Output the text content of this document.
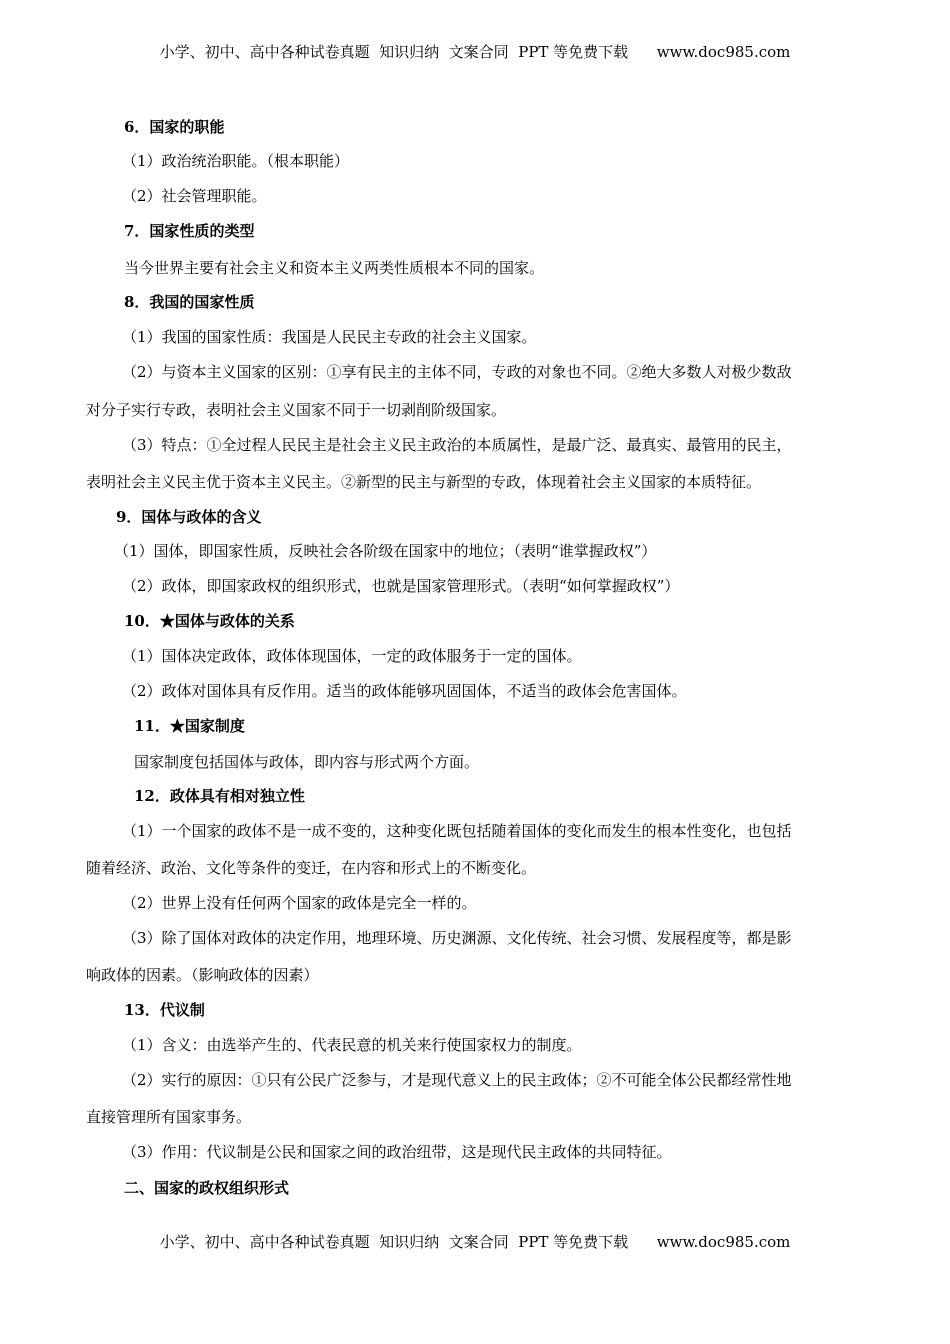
小学、初中、高中各种试卷真题  知识归纳  文案合同  PPT 等免费下载      www.doc985.com
6．国家的职能
（1）政治统治职能。（根本职能）
（2）社会管理职能。
7．国家性质的类型
当今世界主要有社会主义和资本主义两类性质根本不同的国家。
8．我国的国家性质
（1）我国的国家性质：我国是人民民主专政的社会主义国家。
（2）与资本主义国家的区别：①享有民主的主体不同，专政的对象也不同。②绝大多数人对极少数敌
对分子实行专政，表明社会主义国家不同于一切剥削阶级国家。
（3）特点：①全过程人民民主是社会主义民主政治的本质属性，是最广泛、最真实、最管用的民主，
表明社会主义民主优于资本主义民主。②新型的民主与新型的专政，体现着社会主义国家的本质特征。
9．国体与政体的含义
（1）国体，即国家性质，反映社会各阶级在国家中的地位；（表明“谁掌握政权”）
（2）政体，即国家政权的组织形式，也就是国家管理形式。（表明“如何掌握政权”）
10．★国体与政体的关系
（1）国体决定政体，政体体现国体，一定的政体服务于一定的国体。
（2）政体对国体具有反作用。适当的政体能够巩固国体，不适当的政体会危害国体。
11．★国家制度
国家制度包括国体与政体，即内容与形式两个方面。
12．政体具有相对独立性
（1）一个国家的政体不是一成不变的，这种变化既包括随着国体的变化而发生的根本性变化，也包括
随着经济、政治、文化等条件的变迁，在内容和形式上的不断变化。
（2）世界上没有任何两个国家的政体是完全一样的。
（3）除了国体对政体的决定作用，地理环境、历史渊源、文化传统、社会习惯、发展程度等，都是影
响政体的因素。（影响政体的因素）
13．代议制
（1）含义：由选举产生的、代表民意的机关来行使国家权力的制度。
（2）实行的原因：①只有公民广泛参与，才是现代意义上的民主政体；②不可能全体公民都经常性地
直接管理所有国家事务。
（3）作用：代议制是公民和国家之间的政治纽带，这是现代民主政体的共同特征。
二、国家的政权组织形式
小学、初中、高中各种试卷真题  知识归纳  文案合同  PPT 等免费下载      www.doc985.com
